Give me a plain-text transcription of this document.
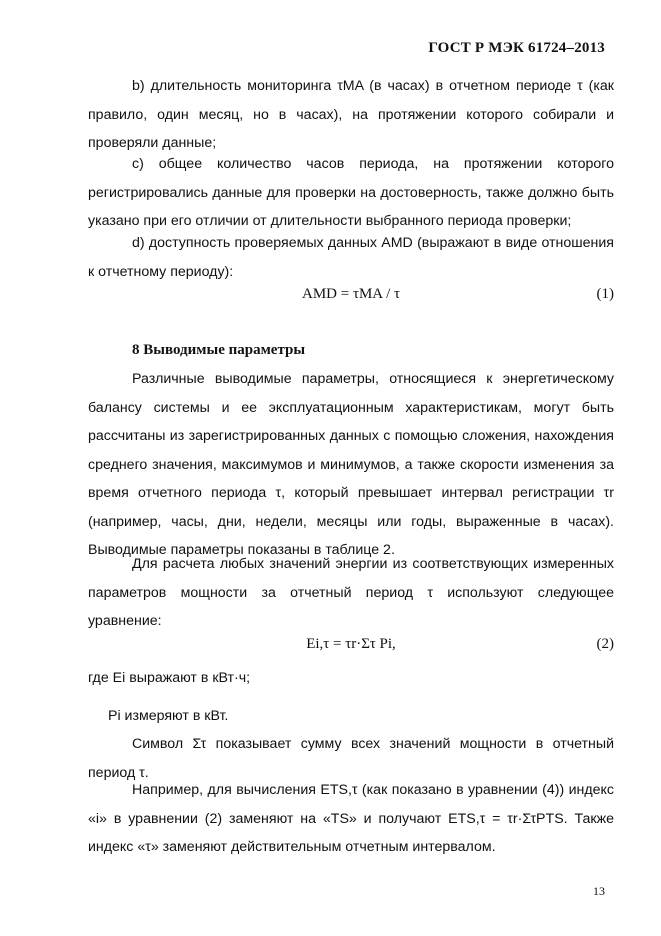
ГОСТ Р МЭК 61724–2013

b) длительность мониторинга τMA (в часах) в отчетном периоде τ (как правило, один месяц, но в часах), на протяжении которого собирали и проверяли данные;

c) общее количество часов периода, на протяжении которого регистрировались данные для проверки на достоверность, также должно быть указано при его отличии от длительности выбранного периода проверки;

d) доступность проверяемых данных AMD (выражают в виде отношения к отчетному периоду):

AMD = τMA / τ	(1)
8 Выводимые параметры

Различные выводимые параметры, относящиеся к энергетическому балансу системы и ее эксплуатационным характеристикам, могут быть рассчитаны из зарегистрированных данных с помощью сложения, нахождения среднего значения, максимумов и минимумов, а также скорости изменения за время отчетного периода τ, который превышает интервал регистрации τr (например, часы, дни, недели, месяцы или годы, выраженные в часах). Выводимые параметры показаны в таблице 2.

Для расчета любых значений энергии из соответствующих измеренных параметров мощности за отчетный период τ используют следующее уравнение:

Ei,τ = τr·Στ Pi,	(2)

где Ei выражают в кВт·ч;

Pi измеряют в кВт.

Символ Στ показывает сумму всех значений мощности в отчетный период τ.

Например, для вычисления ETS,τ (как показано в уравнении (4)) индекс «i» в уравнении (2) заменяют на «TS» и получают ETS,τ = τr·ΣτPTS. Также индекс «τ» заменяют действительным отчетным интервалом.

13
